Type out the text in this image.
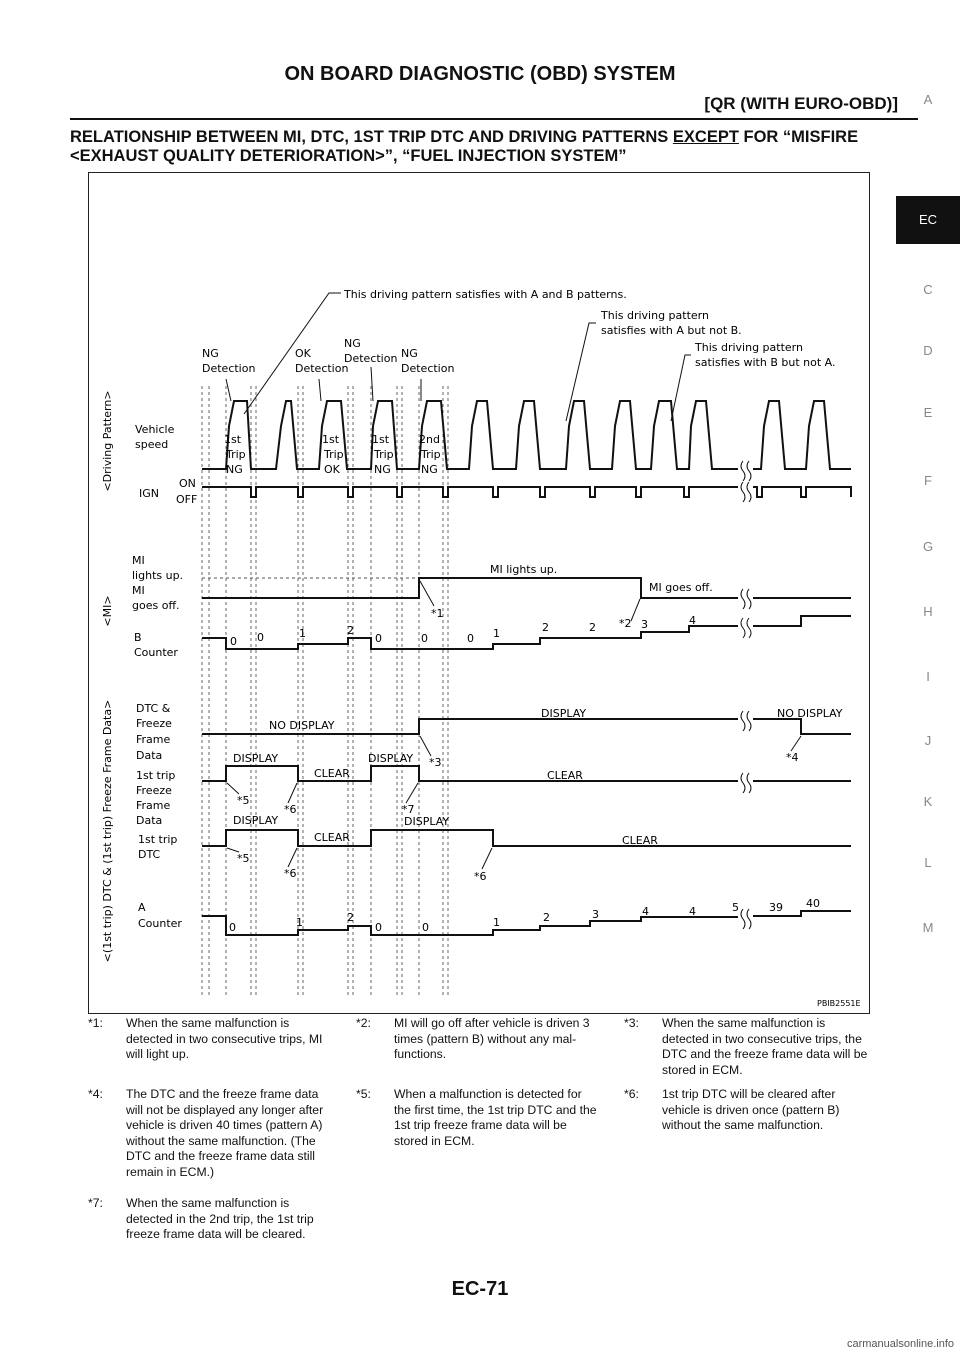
ON BOARD DIAGNOSTIC (OBD) SYSTEM
[QR (WITH EURO-OBD)]
RELATIONSHIP BETWEEN MI, DTC, 1ST TRIP DTC AND DRIVING PATTERNS EXCEPT FOR “MISFIRE <EXHAUST QUALITY DETERIORATION>”, “FUEL INJECTION SYSTEM”
A
EC
C
D
E
F
G
H
I
J
K
L
M
This driving pattern satisfies with A and B patterns.
This driving pattern
satisfies with A but not B.
This driving pattern
satisfies with B but not A.
NG
Detection
OK
Detection
NG
Detection NG
Detection
<Driving Pattern>
<MI>
<(1st trip) DTC & (1st trip) Freeze Frame Data>
Vehicle
speed
IGN
ON
OFF
MI
lights up.
MI
goes off.
B
Counter
DTC &
Freeze
Frame
Data
1st trip
Freeze
Frame
Data
1st trip
DTC
A
Counter
1st
Trip
NG
1st
Trip
OK
1st
Trip
NG
2nd
Trip
NG
MI lights up.
MI goes off.
0 0	1	2
0	0	0 1	2	2	3	4
NO DISPLAY
DISPLAY	NO DISPLAY
DISPLAY
CLEAR
DISPLAY
CLEAR
DISPLAY
CLEAR
DISPLAY
CLEAR
0	1	2
0	0	1	2	3	4	4	5	39 40
*1
*2
*3	*4
*5
*6	*7
*5
*6	*6
PBIB2551E
*1: When the same malfunction is detected in two consecutive trips, MI will light up.
*2: MI will go off after vehicle is driven 3 times (pattern B) without any mal-functions.
*3: When the same malfunction is detected in two consecutive trips, the DTC and the freeze frame data will be stored in ECM.
*4: The DTC and the freeze frame data will not be displayed any longer after vehicle is driven 40 times (pattern A) without the same malfunction. (The DTC and the freeze frame data still remain in ECM.)
*5: When a malfunction is detected for the first time, the 1st trip DTC and the 1st trip freeze frame data will be stored in ECM.
*6: 1st trip DTC will be cleared after vehicle is driven once (pattern B) without the same malfunction.
*7: When the same malfunction is detected in the 2nd trip, the 1st trip freeze frame data will be cleared.
EC-71
carmanualsonline.info
